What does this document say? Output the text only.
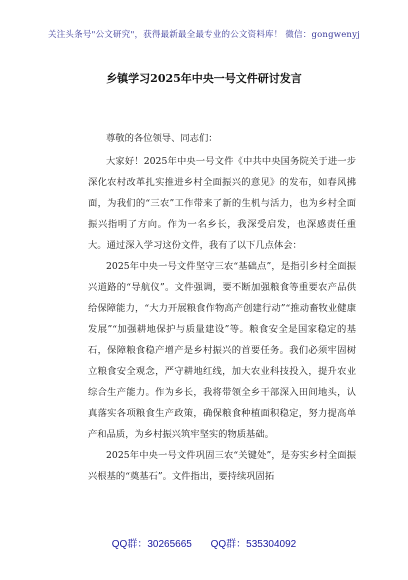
关注头条号"公文研究"，获得最新最全最专业的公文资料库！ 微信：gongwenyj
乡镇学习2025年中央一号文件研讨发言

尊敬的各位领导、同志们：

大家好！2025年中央一号文件《中共中央国务院关于进一步深化农村改革扎实推进乡村全面振兴的意见》的发布，如春风拂面，为我们的“三农”工作带来了新的生机与活力，也为乡村全面振兴指明了方向。作为一名乡长，我深受启发，也深感责任重大。通过深入学习这份文件，我有了以下几点体会：

2025年中央一号文件坚守三农“基础点”，是指引乡村全面振兴道路的“导航仪”。文件强调，要不断加强粮食等重要农产品供给保障能力，“大力开展粮食作物高产创建行动”“推动畜牧业健康发展”“加强耕地保护与质量建设”等。粮食安全是国家稳定的基石，保障粮食稳产增产是乡村振兴的首要任务。我们必须牢固树立粮食安全观念，严守耕地红线，加大农业科技投入，提升农业综合生产能力。作为乡长，我将带领全乡干部深入田间地头，认真落实各项粮食生产政策，确保粮食种植面积稳定，努力提高单产和品质，为乡村振兴筑牢坚实的物质基础。

2025年中央一号文件巩固三农“关键处”，是夯实乡村全面振兴根基的“奠基石”。文件指出，要持续巩固拓

QQ群：30265665 QQ群：535304092
